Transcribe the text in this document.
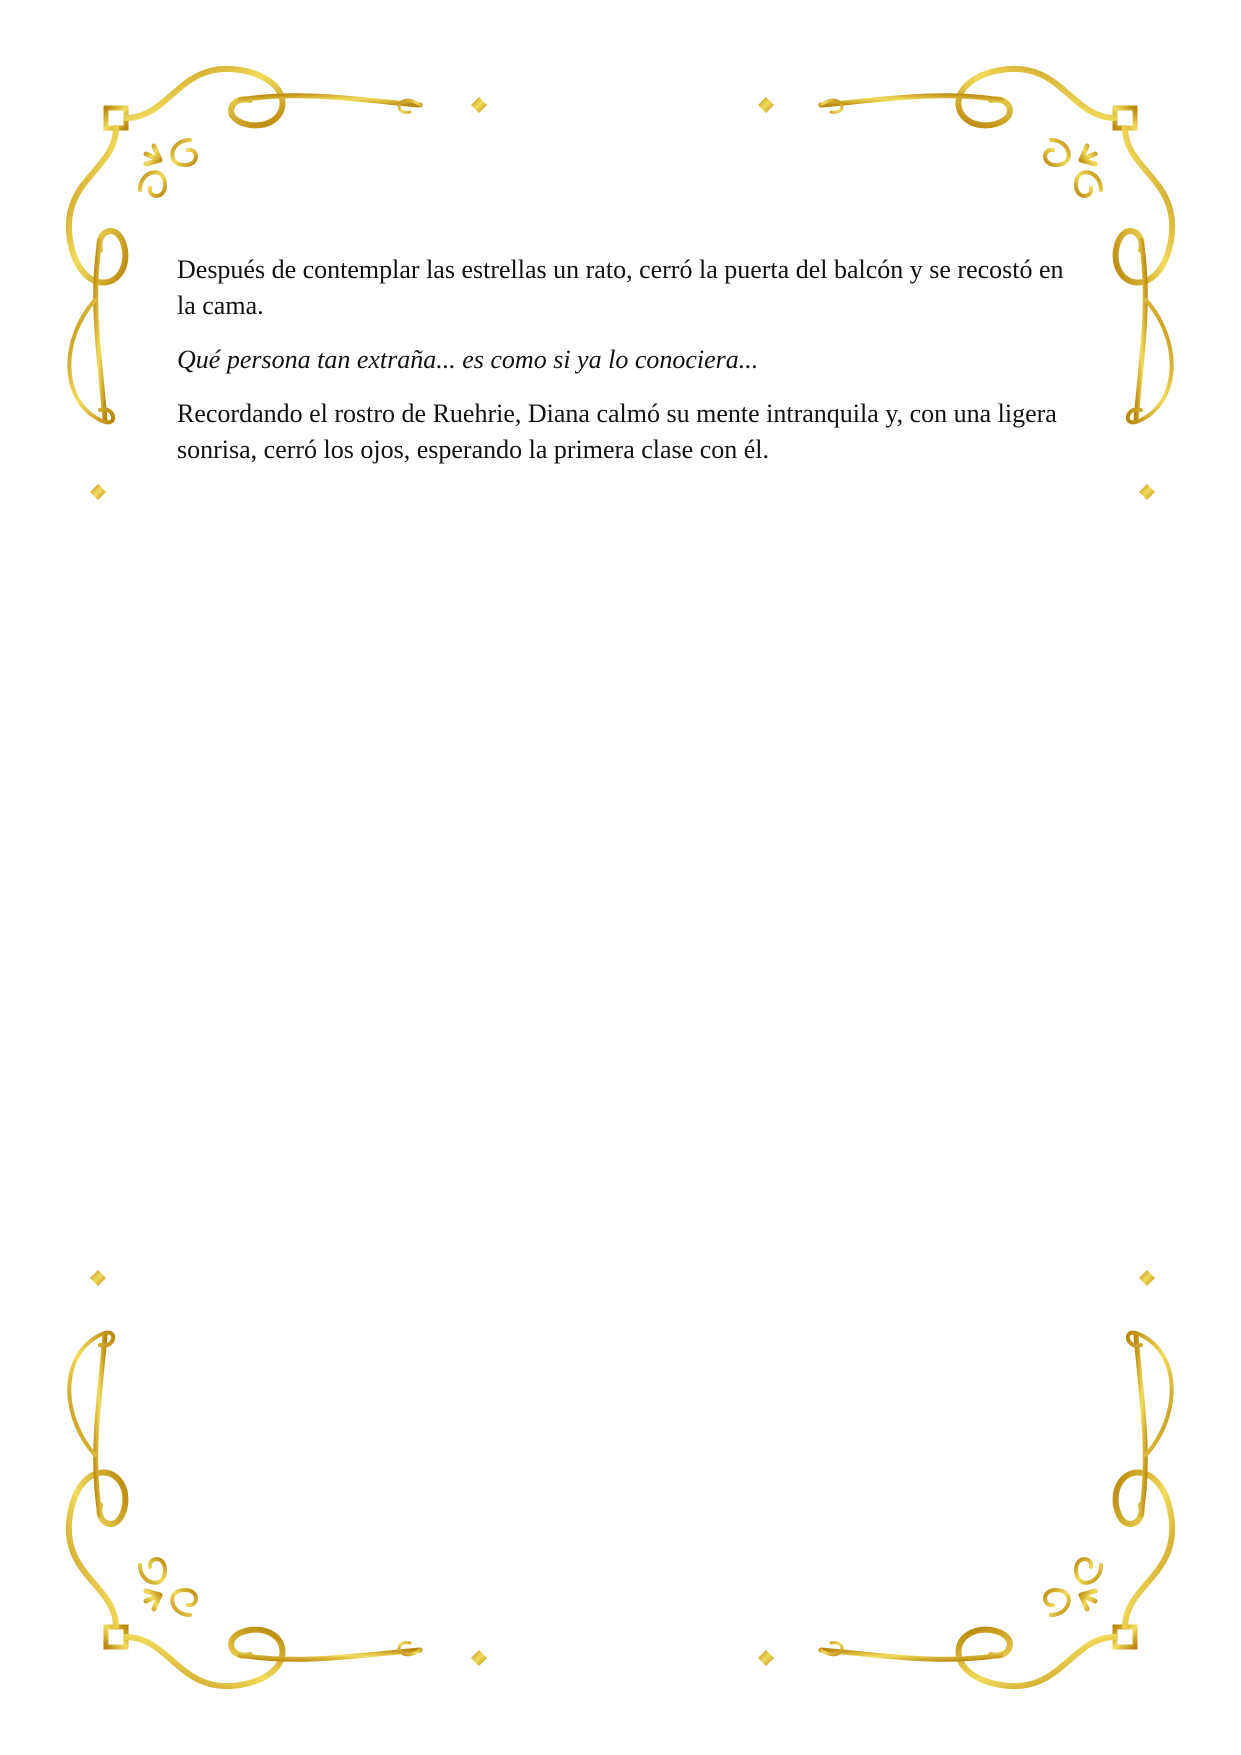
Después de contemplar las estrellas un rato, cerró la puerta del balcón y se recostó en la cama.

Qué persona tan extraña... es como si ya lo conociera...

Recordando el rostro de Ruehrie, Diana calmó su mente intranquila y, con una ligera sonrisa, cerró los ojos, esperando la primera clase con él.
